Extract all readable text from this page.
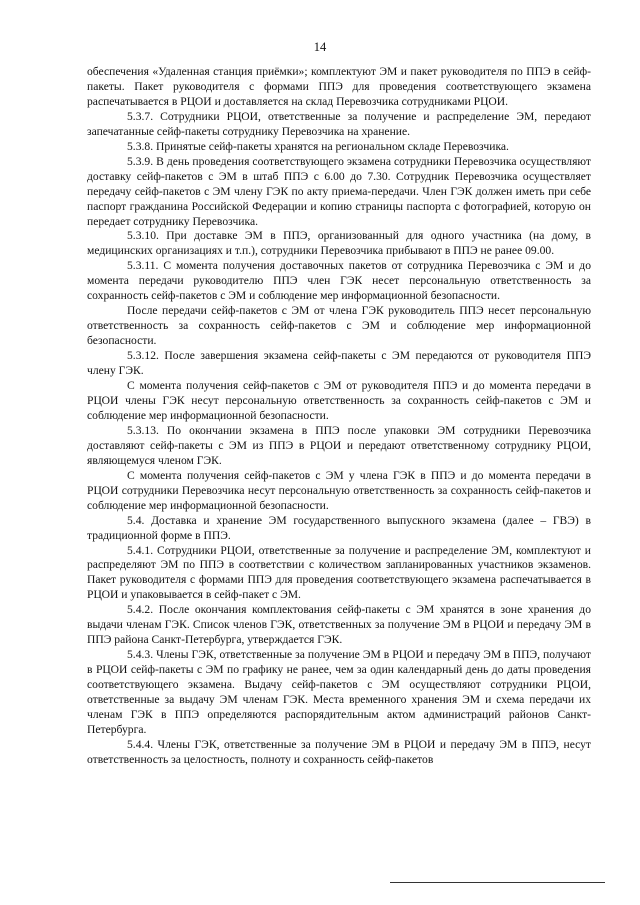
14

обеспечения «Удаленная станция приёмки»; комплектуют ЭМ и пакет руководителя по ППЭ в сейф-пакеты. Пакет руководителя с формами ППЭ для проведения соответствующего экзамена распечатывается в РЦОИ и доставляется на склад Перевозчика сотрудниками РЦОИ.

5.3.7. Сотрудники РЦОИ, ответственные за получение и распределение ЭМ, передают запечатанные сейф-пакеты сотруднику Перевозчика на хранение.

5.3.8. Принятые сейф-пакеты хранятся на региональном складе Перевозчика.

5.3.9. В день проведения соответствующего экзамена сотрудники Перевозчика осуществляют доставку сейф-пакетов с ЭМ в штаб ППЭ с 6.00 до 7.30. Сотрудник Перевозчика осуществляет передачу сейф-пакетов с ЭМ члену ГЭК по акту приема-передачи. Член ГЭК должен иметь при себе паспорт гражданина Российской Федерации и копию страницы паспорта с фотографией, которую он передает сотруднику Перевозчика.

5.3.10. При доставке ЭМ в ППЭ, организованный для одного участника (на дому, в медицинских организациях и т.п.), сотрудники Перевозчика прибывают в ППЭ не ранее 09.00.

5.3.11. С момента получения доставочных пакетов от сотрудника Перевозчика с ЭМ и до момента передачи руководителю ППЭ член ГЭК несет персональную ответственность за сохранность сейф-пакетов с ЭМ и соблюдение мер информационной безопасности.

После передачи сейф-пакетов с ЭМ от члена ГЭК руководитель ППЭ несет персональную ответственность за сохранность сейф-пакетов с ЭМ и соблюдение мер информационной безопасности.

5.3.12. После завершения экзамена сейф-пакеты с ЭМ передаются от руководителя ППЭ члену ГЭК.

С момента получения сейф-пакетов с ЭМ от руководителя ППЭ и до момента передачи в РЦОИ члены ГЭК несут персональную ответственность за сохранность сейф-пакетов с ЭМ и соблюдение мер информационной безопасности.

5.3.13. По окончании экзамена в ППЭ после упаковки ЭМ сотрудники Перевозчика доставляют сейф-пакеты с ЭМ из ППЭ в РЦОИ и передают ответственному сотруднику РЦОИ, являющемуся членом ГЭК.

С момента получения сейф-пакетов с ЭМ у члена ГЭК в ППЭ и до момента передачи в РЦОИ сотрудники Перевозчика несут персональную ответственность за сохранность сейф-пакетов и соблюдение мер информационной безопасности.

5.4. Доставка и хранение ЭМ государственного выпускного экзамена (далее – ГВЭ) в традиционной форме в ППЭ.

5.4.1. Сотрудники РЦОИ, ответственные за получение и распределение ЭМ, комплектуют и распределяют ЭМ по ППЭ в соответствии с количеством запланированных участников экзаменов. Пакет руководителя с формами ППЭ для проведения соответствующего экзамена распечатывается в РЦОИ и упаковывается в сейф-пакет с ЭМ.

5.4.2. После окончания комплектования сейф-пакеты с ЭМ хранятся в зоне хранения до выдачи членам ГЭК. Список членов ГЭК, ответственных за получение ЭМ в РЦОИ и передачу ЭМ в ППЭ района Санкт-Петербурга, утверждается ГЭК.

5.4.3. Члены ГЭК, ответственные за получение ЭМ в РЦОИ и передачу ЭМ в ППЭ, получают в РЦОИ сейф-пакеты с ЭМ по графику не ранее, чем за один календарный день до даты проведения соответствующего экзамена. Выдачу сейф-пакетов с ЭМ осуществляют сотрудники РЦОИ, ответственные за выдачу ЭМ членам ГЭК. Места временного хранения ЭМ и схема передачи их членам ГЭК в ППЭ определяются распорядительным актом администраций районов Санкт-Петербурга.

5.4.4. Члены ГЭК, ответственные за получение ЭМ в РЦОИ и передачу ЭМ в ППЭ, несут ответственность за целостность, полноту и сохранность сейф-пакетов
